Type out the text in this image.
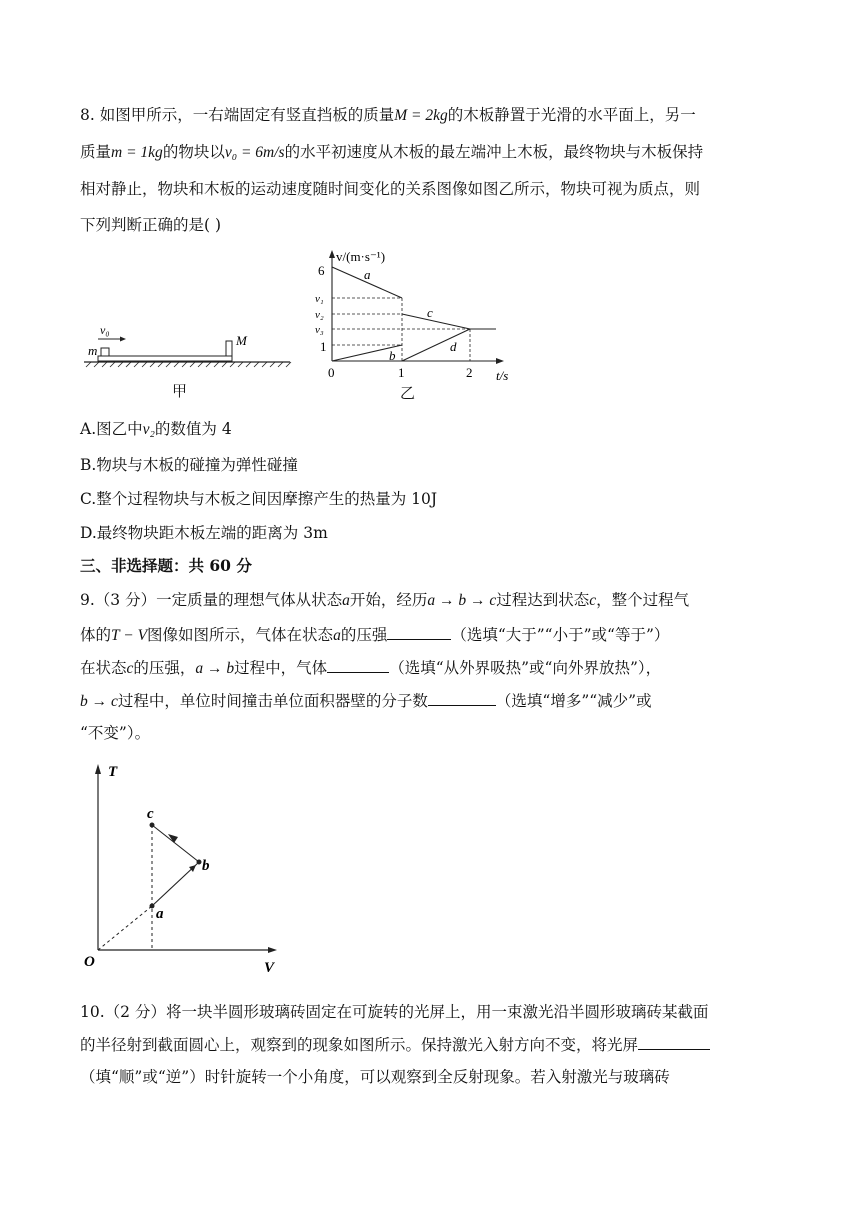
8. 如图甲所示，一右端固定有竖直挡板的质量M = 2kg的木板静置于光滑的水平面上，另一
质量m = 1kg的物块以v₀ = 6m/s的水平初速度从木板的最左端冲上木板，最终物块与木板保持
相对静止，物块和木板的运动速度随时间变化的关系图像如图乙所示，物块可视为质点，则
下列判断正确的是( )
v₀
m
M
甲
v/(m·s⁻¹)
t/s
6
v₁
v₂
v₃
1
0	1	2
a
b
c
d
乙
A.图乙中v₂的数值为 4
B.物块与木板的碰撞为弹性碰撞
C.整个过程物块与木板之间因摩擦产生的热量为 10J
D.最终物块距木板左端的距离为 3m
三、非选择题：共 60 分
9.（3 分）一定质量的理想气体从状态a开始，经历a → b → c过程达到状态c，整个过程气
体的T − V图像如图所示，气体在状态a的压强	（选填“大于”“小于”或“等于”）
在状态c的压强，a → b过程中，气体	（选填“从外界吸热”或“向外界放热”），
b → c过程中，单位时间撞击单位面积器壁的分子数	（选填“增多”“减少”或
“不变”）。
T
V
O
a
b
c
10.（2 分）将一块半圆形玻璃砖固定在可旋转的光屏上，用一束激光沿半圆形玻璃砖某截面
的半径射到截面圆心上，观察到的现象如图所示。保持激光入射方向不变，将光屏
（填“顺”或“逆”）时针旋转一个小角度，可以观察到全反射现象。若入射激光与玻璃砖
